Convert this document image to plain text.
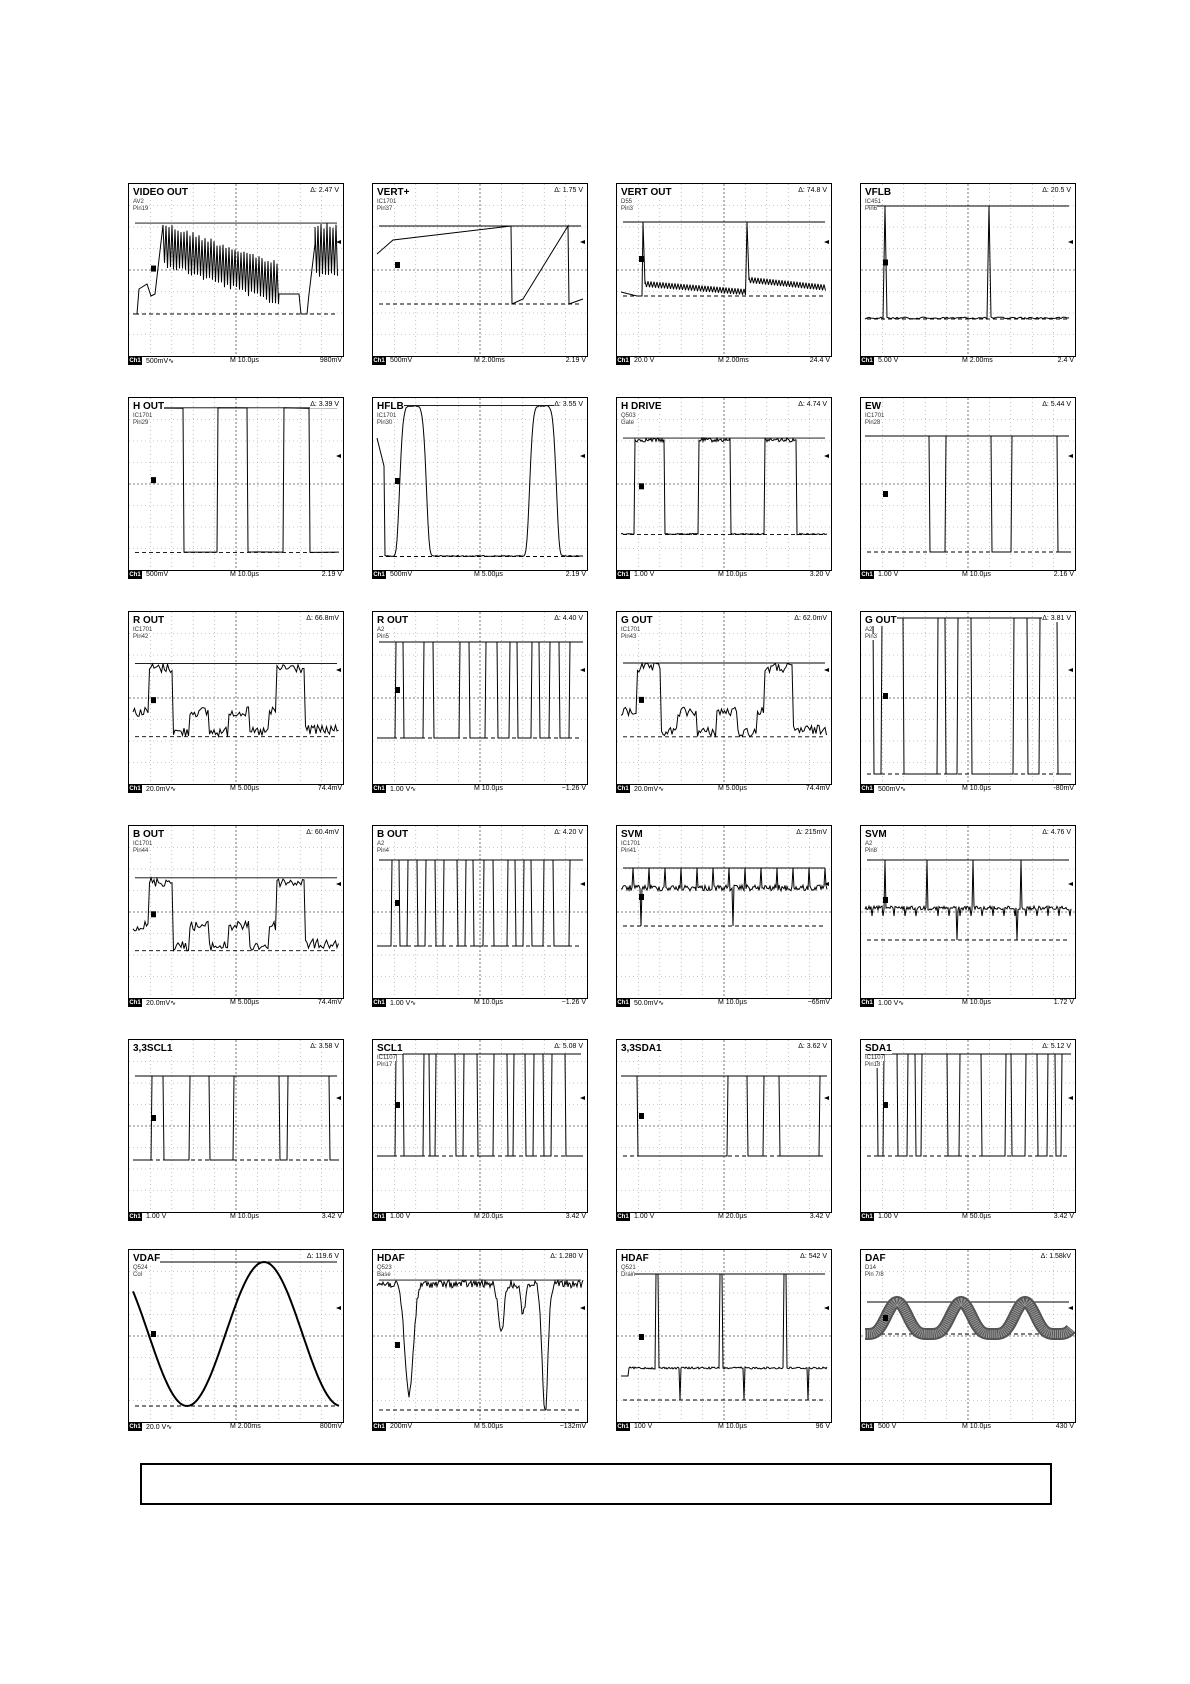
VIDEO OUT
AV2
Pin19
Δ: 2.47 V
Ch1 500mV∿	M 10.0µs	980mV
VERT+
IC1701
Pin37
Δ: 1.75 V
Ch1 500mV	M 2.00ms	2.19 V
VERT OUT
D55
Pin3
Δ: 74.8 V
Ch1 20.0 V	M 2.00ms	24.4 V
VFLB
IC451
Pin6
Δ: 20.5 V
Ch1 5.00 V	M 2.00ms	2.4 V
H OUT
IC1701
Pin29
Δ: 3.39 V
Ch1 500mV	M 10.0µs	2.19 V
HFLB
IC1701
Pin30
Δ: 3.55 V
Ch1 500mV	M 5.00µs	2.19 V
H DRIVE
Q503
Gate
Δ: 4.74 V
Ch1 1.00 V	M 10.0µs	3.20 V
EW
IC1701
Pin28
Δ: 5.44 V
Ch1 1.00 V	M 10.0µs	2.16 V
R OUT
IC1701
Pin42
Δ: 66.8mV
Ch1 20.0mV∿	M 5.00µs	74.4mV
R OUT
A2
Pin5
Δ: 4.40 V
Ch1 1.00 V∿	M 10.0µs	−1.26 V
G OUT
IC1701
Pin43
Δ: 62.0mV
Ch1 20.0mV∿	M 5.00µs	74.4mV
G OUT
A2
Pin3
Δ: 3.81 V
Ch1 500mV∿	M 10.0µs	-80mV
B OUT
IC1701
Pin44
Δ: 60.4mV
Ch1 20.0mV∿	M 5.00µs	74.4mV
B OUT
A2
Pin4
Δ: 4.20 V
Ch1 1.00 V∿	M 10.0µs	−1.26 V
SVM
IC1701
Pin41
Δ: 215mV
Ch1 50.0mV∿	M 10.0µs	−65mV
SVM
A2
Pin8
Δ: 4.76 V
Ch1 1.00 V∿	M 10.0µs	1.72 V
3,3SCL1	Δ: 3.58 V
Ch1 1.00 V	M 10.0µs	3.42 V
SCL1
IC1107
Pin17
Δ: 5.08 V
Ch1 1.00 V	M 20.0µs	3.42 V
3,3SDA1	Δ: 3.62 V
Ch1 1.00 V	M 20.0µs	3.42 V
SDA1
IC1107
Pin18
Δ: 5.12 V
Ch1 1.00 V	M 50.0µs	3.42 V
VDAF
Q524
Col
Δ: 119.6 V
Ch1 20.0 V∿	M 2.00ms	800mV
HDAF
Q523
Base
Δ: 1.280 V
Ch1 200mV	M 5.00µs	−132mV
HDAF
Q521
Drain
Δ: 542 V
Ch1 100 V	M 10.0µs	96 V
DAF
D14
Pin 7/8
Δ: 1.58kV
Ch1 500 V	M 10.0µs	430 V
